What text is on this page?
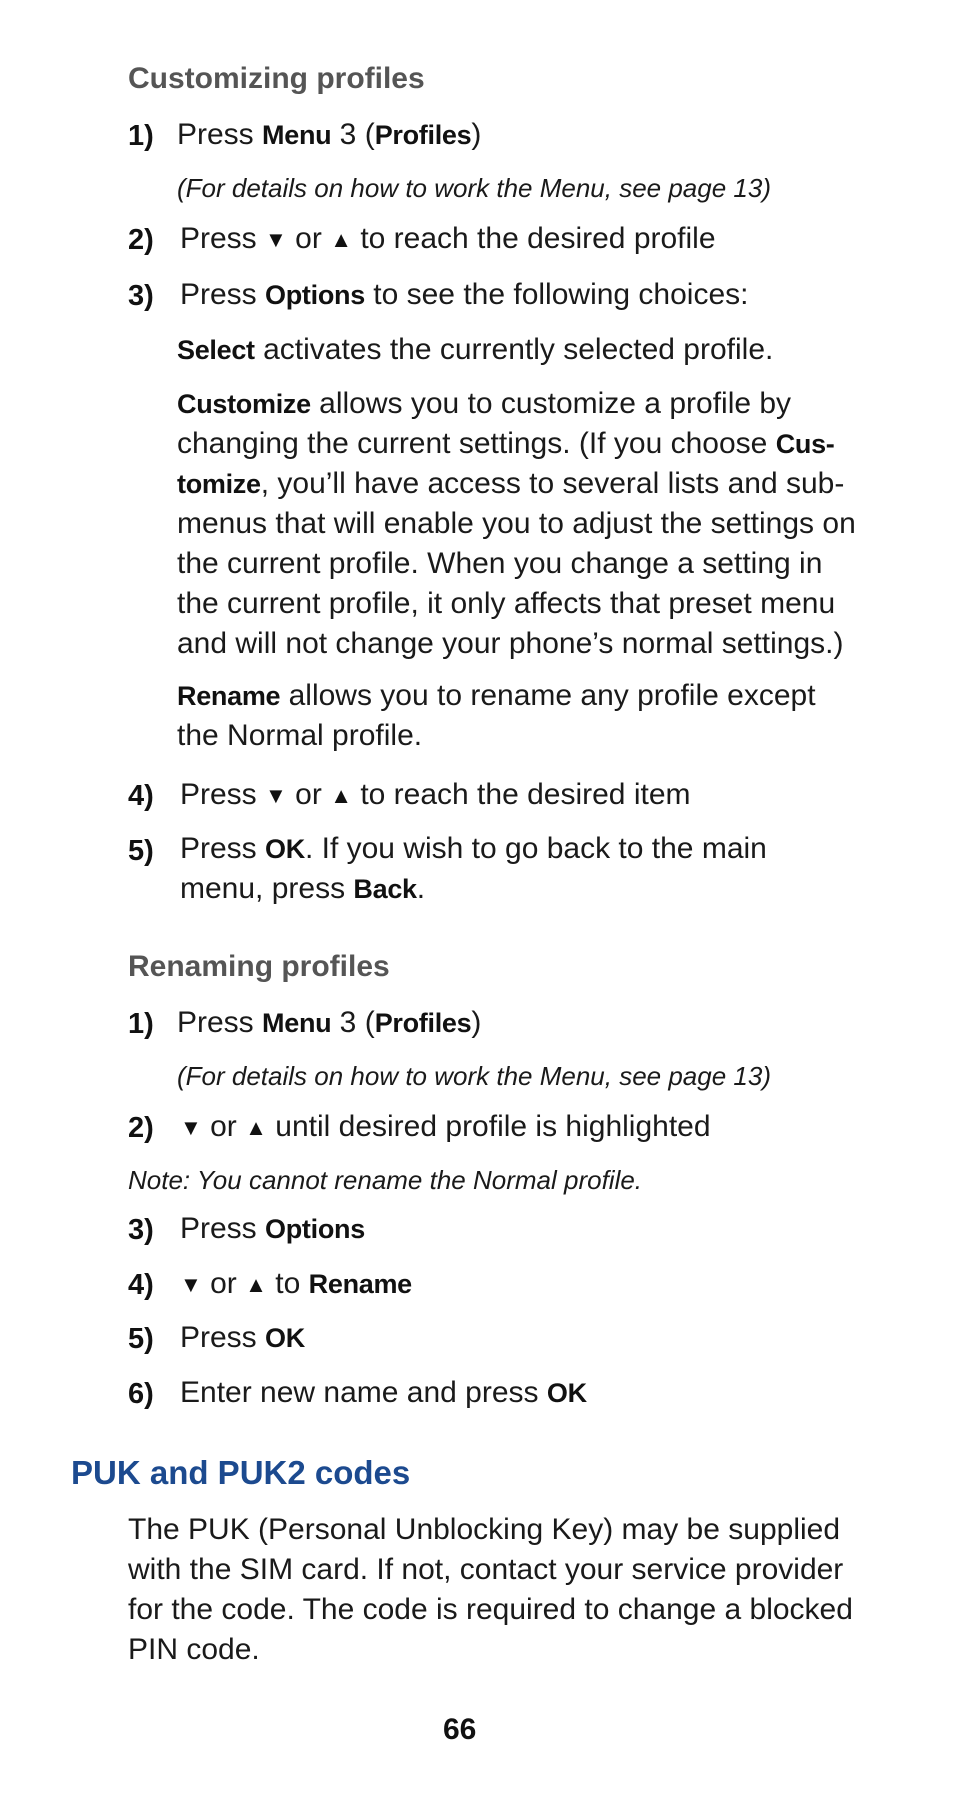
Customizing profiles
1) Press Menu 3 (Profiles)
(For details on how to work the Menu, see page 13)
2) Press ▼ or ▲ to reach the desired profile
3) Press Options to see the following choices:
Select activates the currently selected profile.
Customize allows you to customize a profile by
changing the current settings. (If you choose Cus-
tomize, you’ll have access to several lists and sub-
menus that will enable you to adjust the settings on
the current profile. When you change a setting in
the current profile, it only affects that preset menu
and will not change your phone’s normal settings.)
Rename allows you to rename any profile except
the Normal profile.
4) Press ▼ or ▲ to reach the desired item
5) Press OK. If you wish to go back to the main
menu, press Back.
Renaming profiles
1) Press Menu 3 (Profiles)
(For details on how to work the Menu, see page 13)
2) ▼ or ▲ until desired profile is highlighted
Note: You cannot rename the Normal profile.
3) Press Options
4) ▼ or ▲ to Rename
5) Press OK
6) Enter new name and press OK
PUK and PUK2 codes
The PUK (Personal Unblocking Key) may be supplied
with the SIM card. If not, contact your service provider
for the code. The code is required to change a blocked
PIN code.
66
